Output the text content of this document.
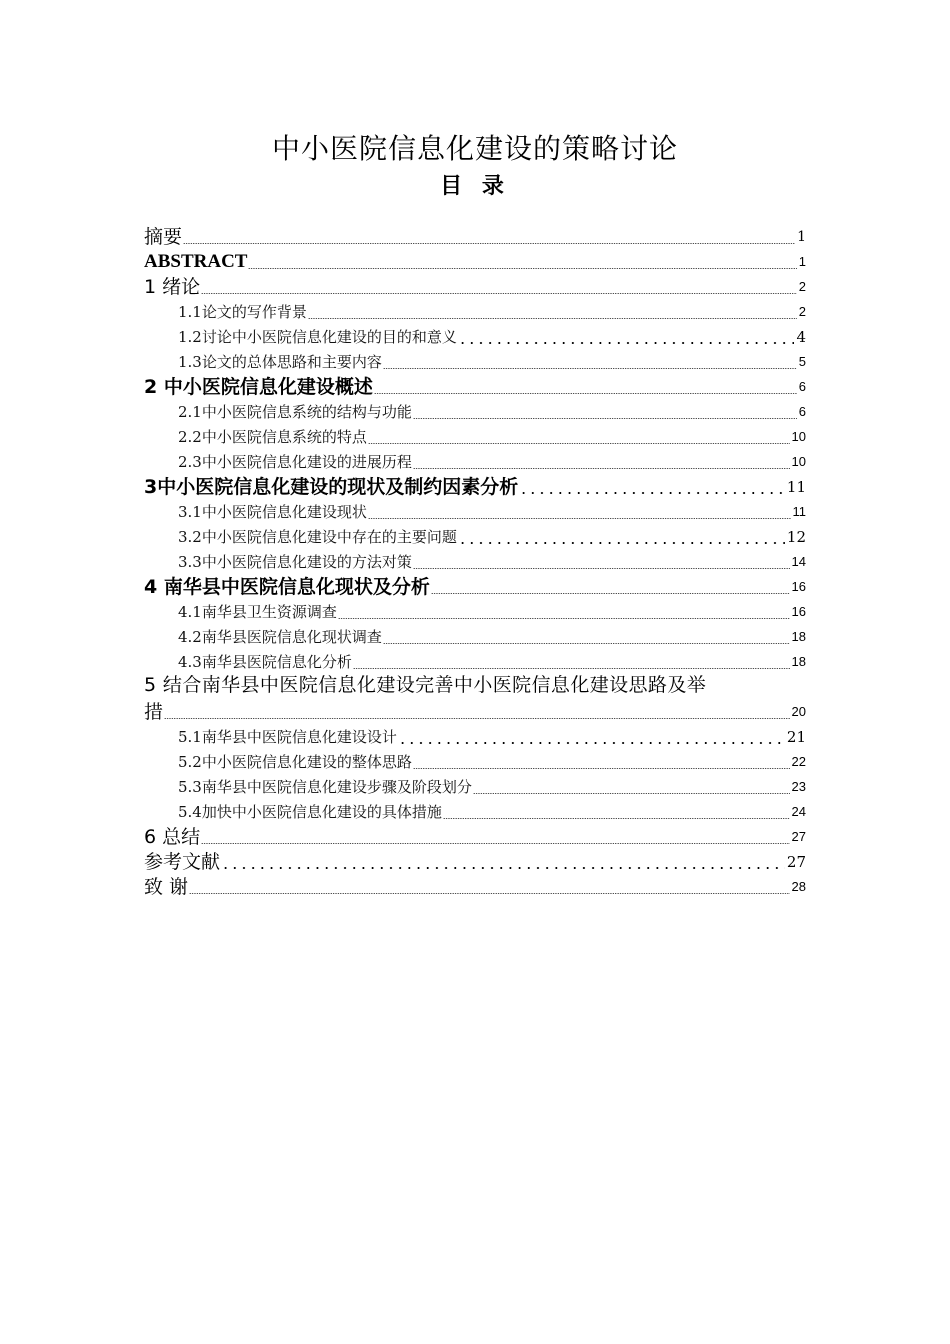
中小医院信息化建设的策略讨论
目 录
摘要	1
ABSTRACT	1
1 绪论	2
1.1论文的写作背景	2
1.2讨论中小医院信息化建设的目的和意义	4
1.3论文的总体思路和主要内容	5
2 中小医院信息化建设概述	6
2.1中小医院信息系统的结构与功能	6
2.2中小医院信息系统的特点	10
2.3中小医院信息化建设的进展历程	10
3中小医院信息化建设的现状及制约因素分析	11
3.1中小医院信息化建设现状	11
3.2中小医院信息化建设中存在的主要问题	12
3.3中小医院信息化建设的方法对策	14
4 南华县中医院信息化现状及分析	16
4.1南华县卫生资源调查	16
4.2南华县医院信息化现状调查	18
4.3南华县医院信息化分析	18
5 结合南华县中医院信息化建设完善中小医院信息化建设思路及举
措	20
5.1南华县中医院信息化建设设计	21
5.2中小医院信息化建设的整体思路	22
5.3南华县中医院信息化建设步骤及阶段划分	23
5.4加快中小医院信息化建设的具体措施	24
6 总结	27
参考文献	27
致 谢	28
